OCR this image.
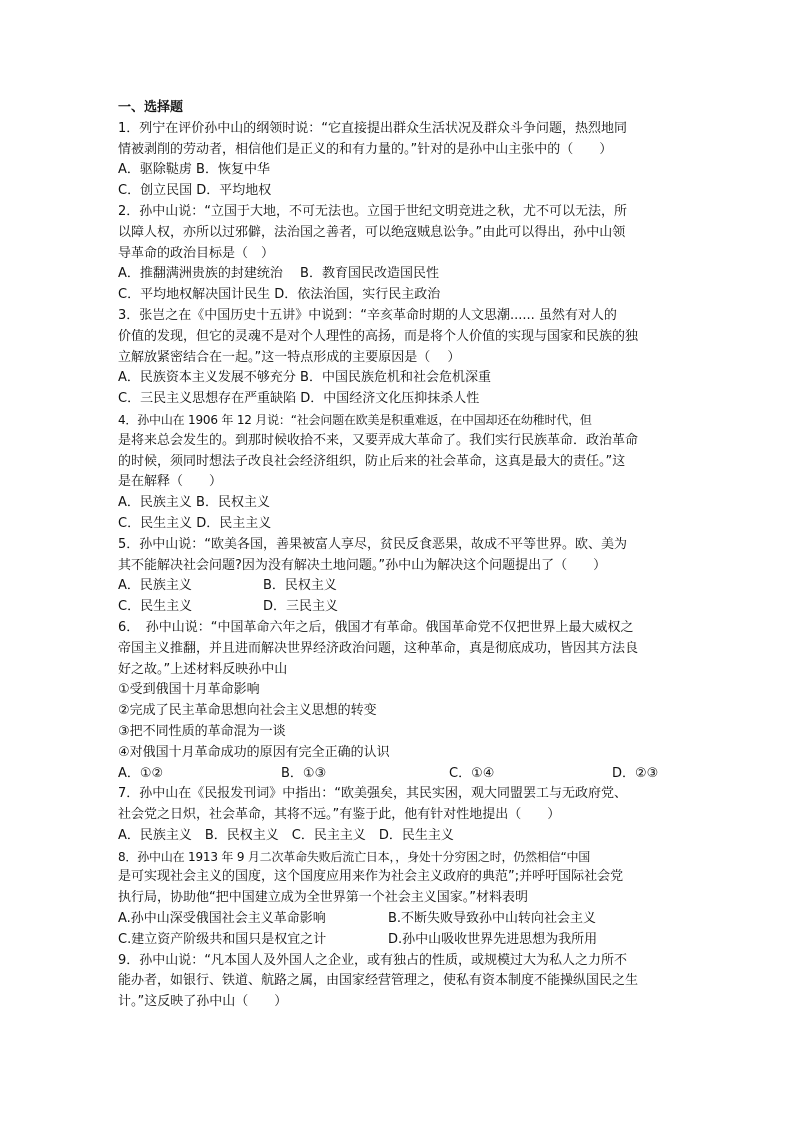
一、选择题
1．列宁在评价孙中山的纲领时说：“它直接提出群众生活状况及群众斗争问题，热烈地同
情被剥削的劳动者，相信他们是正义的和有力量的。”针对的是孙中山主张中的（　　）
A．驱除鞑虏 B．恢复中华
C．创立民国 D．平均地权
2．孙中山说：“立国于大地，不可无法也。立国于世纪文明竞进之秋，尤不可以无法，所
以障人权，亦所以过邪僻，法治国之善者，可以绝寇贼息讼争。”由此可以得出，孙中山领
导革命的政治目标是（　）
A．推翻满洲贵族的封建统治　 B．教育国民改造国民性
C．平均地权解决国计民生 D．依法治国，实行民主政治
3．张岂之在《中国历史十五讲》中说到：“辛亥革命时期的人文思潮...... 虽然有对人的
价值的发现，但它的灵魂不是对个人理性的高扬，而是将个人价值的实现与国家和民族的独
立解放紧密结合在一起。”这一特点形成的主要原因是（　 ）
A．民族资本主义发展不够充分 B．中国民族危机和社会危机深重
C．三民主义思想存在严重缺陷 D．中国经济文化压抑抹杀人性
4．孙中山在 1906 年 12 月说：“社会问题在欧美是积重难返，在中国却还在幼稚时代，但
是将来总会发生的。到那时候收拾不来，又要弄成大革命了。我们实行民族革命．政治革命
的时候，须同时想法子改良社会经济组织，防止后来的社会革命，这真是最大的责任。”这
是在解释（　　）
A．民族主义 B．民权主义
C．民生主义 D．民主主义
5．孙中山说：“欧美各国，善果被富人享尽，贫民反食恶果，故成不平等世界。欧、美为
其不能解决社会问题?因为没有解决土地问题。”孙中山为解决这个问题提出了（　　）
A．民族主义	B．民权主义
C．民生主义	D．三民主义
6．　孙中山说：“中国革命六年之后，俄国才有革命。俄国革命党不仅把世界上最大威权之
帝国主义推翻，并且进而解决世界经济政治问题，这种革命，真是彻底成功，皆因其方法良
好之故。”上述材料反映孙中山
①受到俄国十月革命影响
②完成了民主革命思想向社会主义思想的转变
③把不同性质的革命混为一谈
④对俄国十月革命成功的原因有完全正确的认识
A．①②	B．①③	C．①④	D．②③
7．孙中山在《民报发刊词》中指出：“欧美强矣，其民实困，观大同盟罢工与无政府党、
社会党之日炽，社会革命，其将不远。”有鉴于此，他有针对性地提出（　　）
A．民族主义　B．民权主义　C．民主主义　D．民生主义
8．孙中山在 1913 年 9 月二次革命失败后流亡日本，，身处十分穷困之时，仍然相信“中国
是可实现社会主义的国度，这个国度应用来作为社会主义政府的典范”;并呼吁国际社会党
执行局，协助他“把中国建立成为全世界第一个社会主义国家。”材料表明
A.孙中山深受俄国社会主义革命影响	B.不断失败导致孙中山转向社会主义
C.建立资产阶级共和国只是权宜之计	D.孙中山吸收世界先进思想为我所用
9．孙中山说：“凡本国人及外国人之企业，或有独占的性质，或规模过大为私人之力所不
能办者，如银行、铁道、航路之属，由国家经营管理之，使私有资本制度不能操纵国民之生
计。”这反映了孙中山（　　）
